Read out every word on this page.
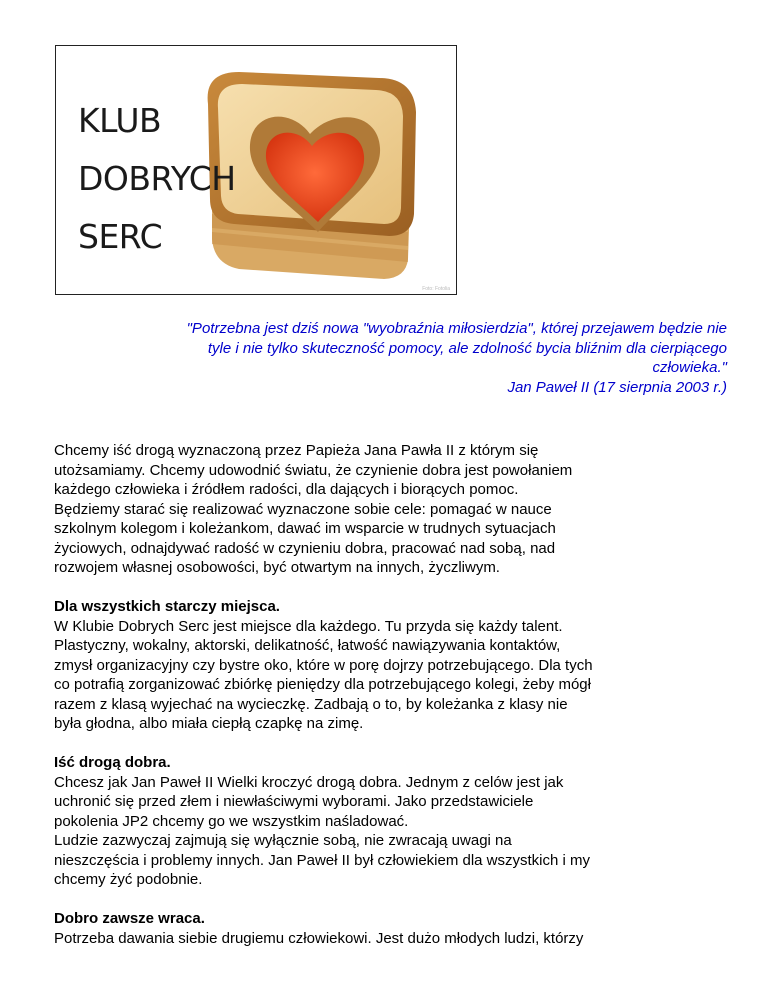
KLUB
DOBRYCH
SERC
Foto: Fotolia
"Potrzebna jest dziś nowa "wyobraźnia miłosierdzia", której przejawem będzie nie
tyle i nie tylko skuteczność pomocy, ale zdolność bycia bliźnim dla cierpiącego
człowieka."
Jan Paweł II (17 sierpnia 2003 r.)
Chcemy iść drogą wyznaczoną przez Papieża Jana Pawła II z którym się
utożsamiamy. Chcemy udowodnić światu, że czynienie dobra jest powołaniem
każdego człowieka i źródłem radości, dla dających i biorących pomoc.
Będziemy starać się realizować wyznaczone sobie cele: pomagać w nauce
szkolnym kolegom i koleżankom, dawać im wsparcie w trudnych sytuacjach
życiowych, odnajdywać radość w czynieniu dobra, pracować nad sobą, nad
rozwojem własnej osobowości, być otwartym na innych, życzliwym.
Dla wszystkich starczy miejsca.
W Klubie Dobrych Serc jest miejsce dla każdego. Tu przyda się każdy talent.
Plastyczny, wokalny, aktorski, delikatność, łatwość nawiązywania kontaktów,
zmysł organizacyjny czy bystre oko, które w porę dojrzy potrzebującego. Dla tych
co potrafią zorganizować zbiórkę pieniędzy dla potrzebującego kolegi, żeby mógł
razem z klasą wyjechać na wycieczkę. Zadbają o to, by koleżanka z klasy nie
była głodna, albo miała ciepłą czapkę na zimę.
Iść drogą dobra.
Chcesz jak Jan Paweł II Wielki kroczyć drogą dobra. Jednym z celów jest jak
uchronić się przed złem i niewłaściwymi wyborami. Jako przedstawiciele
pokolenia JP2 chcemy go we wszystkim naśladować.
Ludzie zazwyczaj zajmują się wyłącznie sobą, nie zwracają uwagi na
nieszczęścia i problemy innych. Jan Paweł II był człowiekiem dla wszystkich i my
chcemy żyć podobnie.
Dobro zawsze wraca.
Potrzeba dawania siebie drugiemu człowiekowi. Jest dużo młodych ludzi, którzy
